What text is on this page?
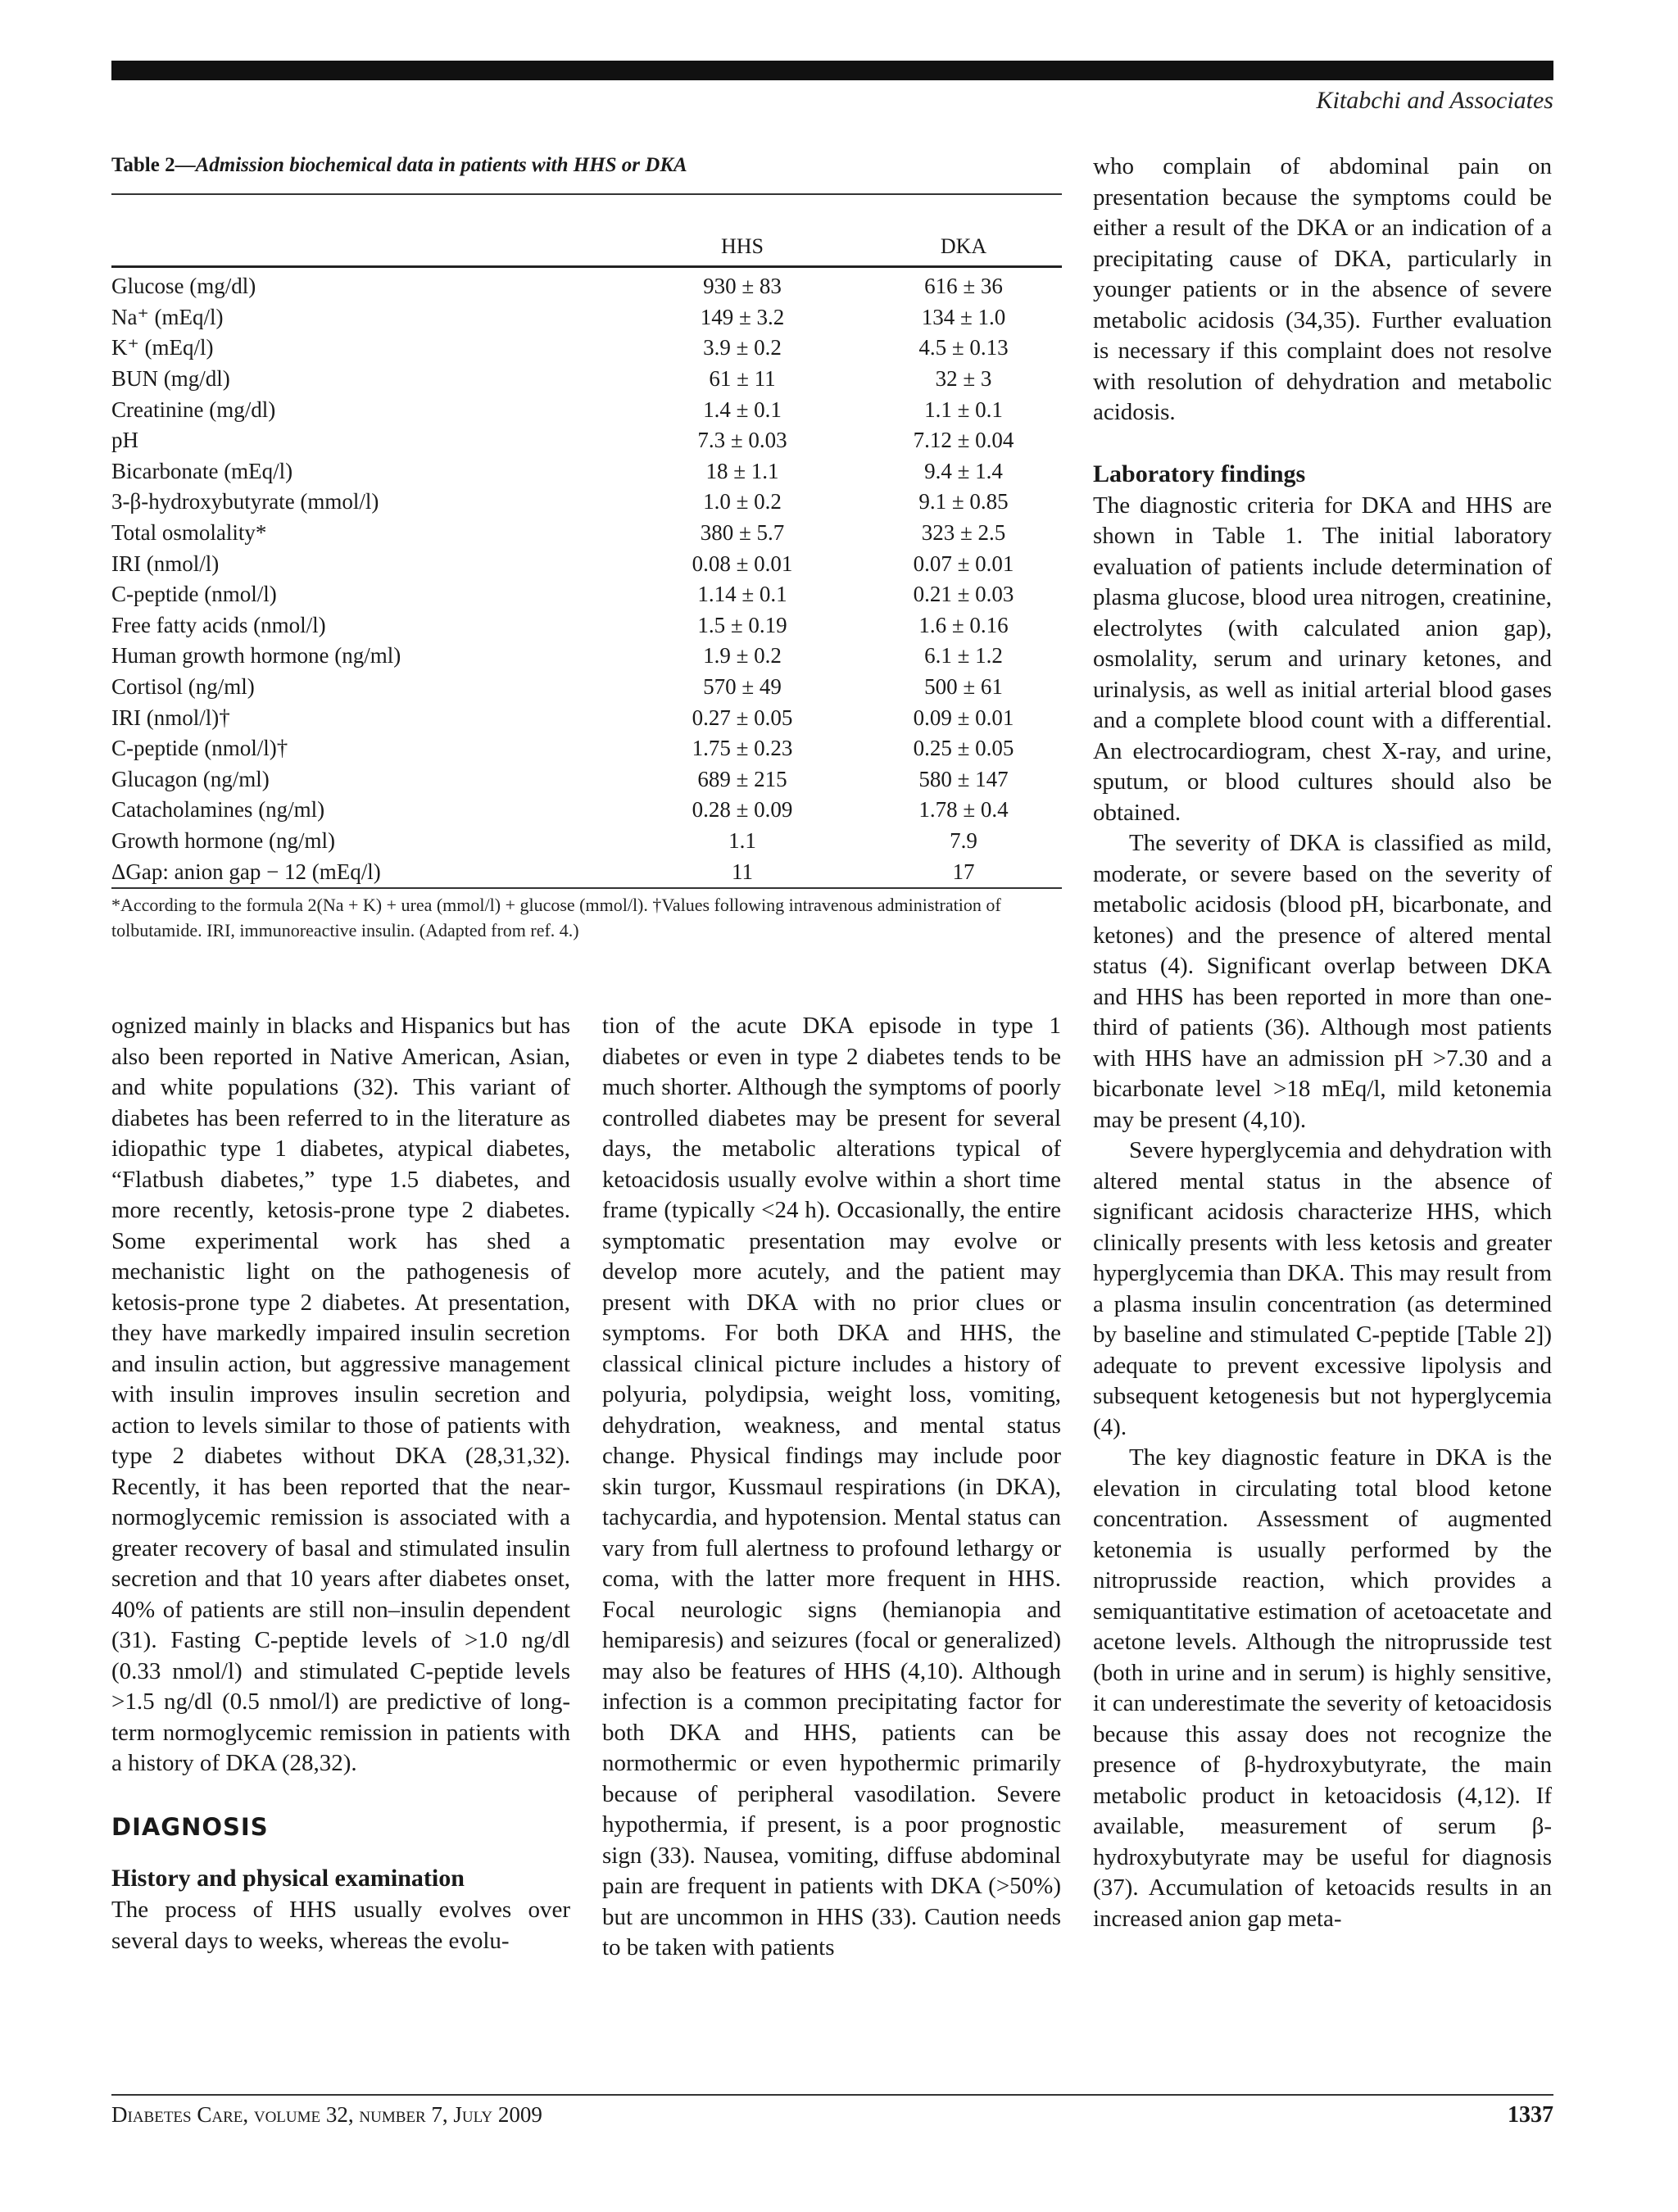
Kitabchi and Associates
Table 2—Admission biochemical data in patients with HHS or DKA
HHS	DKA
Glucose (mg/dl)	930 ± 83	616 ± 36
Na⁺ (mEq/l)	149 ± 3.2	134 ± 1.0
K⁺ (mEq/l)	3.9 ± 0.2	4.5 ± 0.13
BUN (mg/dl)	61 ± 11	32 ± 3
Creatinine (mg/dl)	1.4 ± 0.1	1.1 ± 0.1
pH	7.3 ± 0.03	7.12 ± 0.04
Bicarbonate (mEq/l)	18 ± 1.1	9.4 ± 1.4
3-β-hydroxybutyrate (mmol/l)	1.0 ± 0.2	9.1 ± 0.85
Total osmolality*	380 ± 5.7	323 ± 2.5
IRI (nmol/l)	0.08 ± 0.01	0.07 ± 0.01
C-peptide (nmol/l)	1.14 ± 0.1	0.21 ± 0.03
Free fatty acids (nmol/l)	1.5 ± 0.19	1.6 ± 0.16
Human growth hormone (ng/ml)	1.9 ± 0.2	6.1 ± 1.2
Cortisol (ng/ml)	570 ± 49	500 ± 61
IRI (nmol/l)†	0.27 ± 0.05	0.09 ± 0.01
C-peptide (nmol/l)†	1.75 ± 0.23	0.25 ± 0.05
Glucagon (ng/ml)	689 ± 215	580 ± 147
Catacholamines (ng/ml)	0.28 ± 0.09	1.78 ± 0.4
Growth hormone (ng/ml)	1.1	7.9
ΔGap: anion gap − 12 (mEq/l)	11	17
*According to the formula 2(Na + K) + urea (mmol/l) + glucose (mmol/l). †Values following intravenous administration of tolbutamide. IRI, immunoreactive insulin. (Adapted from ref. 4.)

ognized mainly in blacks and Hispanics but has also been reported in Native American, Asian, and white populations (32). This variant of diabetes has been referred to in the literature as idiopathic type 1 diabetes, atypical diabetes, “Flatbush diabetes,” type 1.5 diabetes, and more recently, ketosis-prone type 2 diabetes. Some experimental work has shed a mechanistic light on the pathogenesis of ketosis-prone type 2 diabetes. At presentation, they have markedly impaired insulin secretion and insulin action, but aggressive management with insulin improves insulin secretion and action to levels similar to those of patients with type 2 diabetes without DKA (28,31,32). Recently, it has been reported that the near-normoglycemic remission is associated with a greater recovery of basal and stimulated insulin secretion and that 10 years after diabetes onset, 40% of patients are still non–insulin dependent (31). Fasting C-peptide levels of >1.0 ng/dl (0.33 nmol/l) and stimulated C-peptide levels >1.5 ng/dl (0.5 nmol/l) are predictive of long-term normoglycemic remission in patients with a history of DKA (28,32).

DIAGNOSIS
History and physical examination

The process of HHS usually evolves over several days to weeks, whereas the evolu-

tion of the acute DKA episode in type 1 diabetes or even in type 2 diabetes tends to be much shorter. Although the symptoms of poorly controlled diabetes may be present for several days, the metabolic alterations typical of ketoacidosis usually evolve within a short time frame (typically <24 h). Occasionally, the entire symptomatic presentation may evolve or develop more acutely, and the patient may present with DKA with no prior clues or symptoms. For both DKA and HHS, the classical clinical picture includes a history of polyuria, polydipsia, weight loss, vomiting, dehydration, weakness, and mental status change. Physical findings may include poor skin turgor, Kussmaul respirations (in DKA), tachycardia, and hypotension. Mental status can vary from full alertness to profound lethargy or coma, with the latter more frequent in HHS. Focal neurologic signs (hemianopia and hemiparesis) and seizures (focal or generalized) may also be features of HHS (4,10). Although infection is a common precipitating factor for both DKA and HHS, patients can be normothermic or even hypothermic primarily because of peripheral vasodilation. Severe hypothermia, if present, is a poor prognostic sign (33). Nausea, vomiting, diffuse abdominal pain are frequent in patients with DKA (>50%) but are uncommon in HHS (33). Caution needs to be taken with patients

who complain of abdominal pain on presentation because the symptoms could be either a result of the DKA or an indication of a precipitating cause of DKA, particularly in younger patients or in the absence of severe metabolic acidosis (34,35). Further evaluation is necessary if this complaint does not resolve with resolution of dehydration and metabolic acidosis.

Laboratory findings

The diagnostic criteria for DKA and HHS are shown in Table 1. The initial laboratory evaluation of patients include determination of plasma glucose, blood urea nitrogen, creatinine, electrolytes (with calculated anion gap), osmolality, serum and urinary ketones, and urinalysis, as well as initial arterial blood gases and a complete blood count with a differential. An electrocardiogram, chest X-ray, and urine, sputum, or blood cultures should also be obtained.

The severity of DKA is classified as mild, moderate, or severe based on the severity of metabolic acidosis (blood pH, bicarbonate, and ketones) and the presence of altered mental status (4). Significant overlap between DKA and HHS has been reported in more than one-third of patients (36). Although most patients with HHS have an admission pH >7.30 and a bicarbonate level >18 mEq/l, mild ketonemia may be present (4,10).

Severe hyperglycemia and dehydration with altered mental status in the absence of significant acidosis characterize HHS, which clinically presents with less ketosis and greater hyperglycemia than DKA. This may result from a plasma insulin concentration (as determined by baseline and stimulated C-peptide [Table 2]) adequate to prevent excessive lipolysis and subsequent ketogenesis but not hyperglycemia (4).

The key diagnostic feature in DKA is the elevation in circulating total blood ketone concentration. Assessment of augmented ketonemia is usually performed by the nitroprusside reaction, which provides a semiquantitative estimation of acetoacetate and acetone levels. Although the nitroprusside test (both in urine and in serum) is highly sensitive, it can underestimate the severity of ketoacidosis because this assay does not recognize the presence of β-hydroxybutyrate, the main metabolic product in ketoacidosis (4,12). If available, measurement of serum β-hydroxybutyrate may be useful for diagnosis (37). Accumulation of ketoacids results in an increased anion gap meta-

Diabetes Care, volume 32, number 7, July 2009	1337
